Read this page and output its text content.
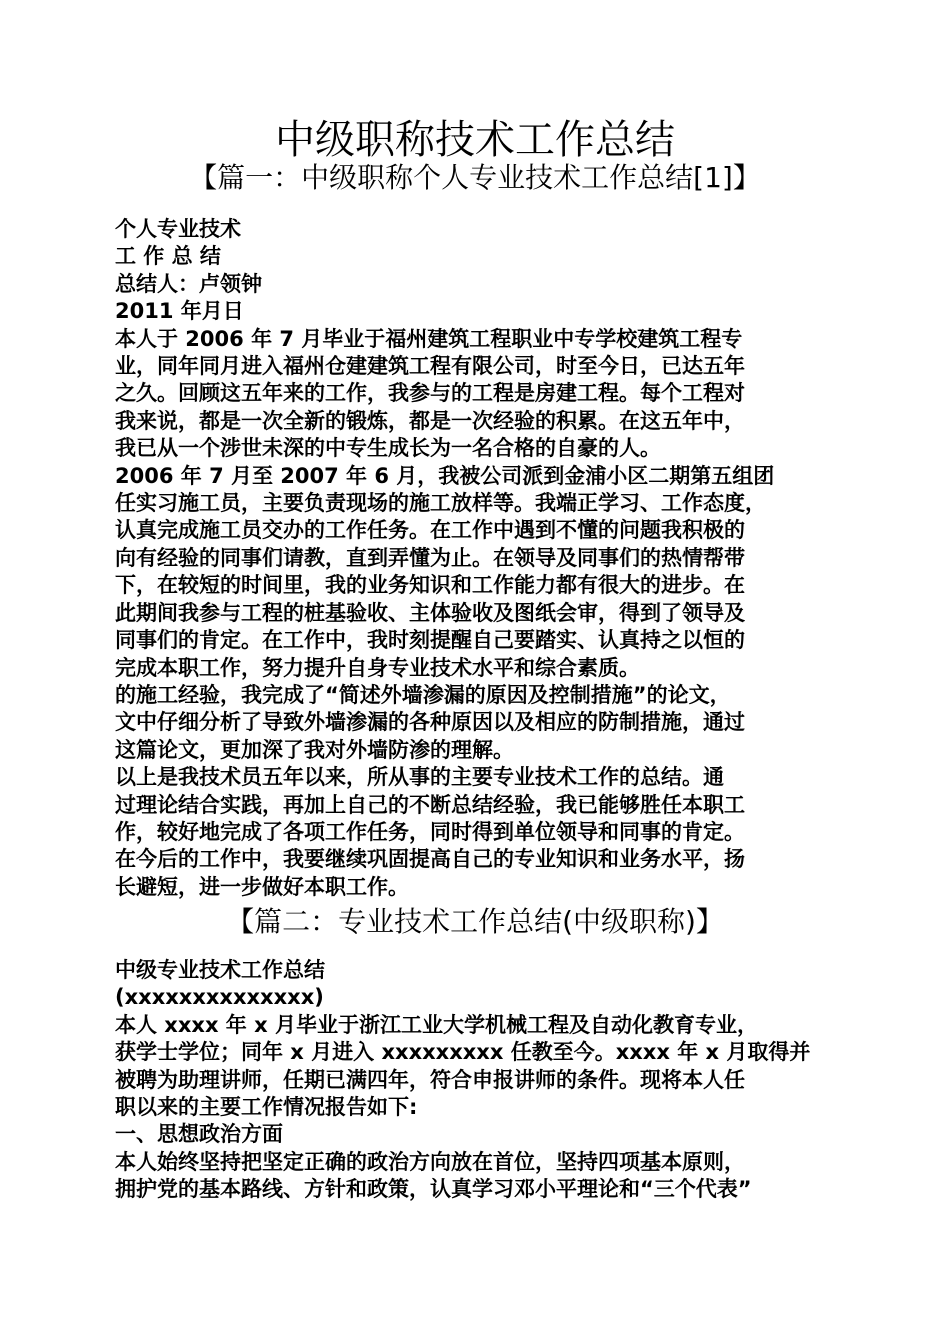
中级职称技术工作总结
【篇一：中级职称个人专业技术工作总结[1]】
个人专业技术
工 作 总 结
总结人：卢领钟
2011 年月日
本人于 2006 年 7 月毕业于福州建筑工程职业中专学校建筑工程专
业，同年同月进入福州仓建建筑工程有限公司，时至今日，已达五年
之久。回顾这五年来的工作，我参与的工程是房建工程。每个工程对
我来说，都是一次全新的锻炼，都是一次经验的积累。在这五年中，
我已从一个涉世未深的中专生成长为一名合格的自豪的人。
2006 年 7 月至 2007 年 6 月，我被公司派到金浦小区二期第五组团
任实习施工员，主要负责现场的施工放样等。我端正学习、工作态度，
认真完成施工员交办的工作任务。在工作中遇到不懂的问题我积极的
向有经验的同事们请教，直到弄懂为止。在领导及同事们的热情帮带
下，在较短的时间里，我的业务知识和工作能力都有很大的进步。在
此期间我参与工程的桩基验收、主体验收及图纸会审，得到了领导及
同事们的肯定。在工作中，我时刻提醒自己要踏实、认真持之以恒的
完成本职工作，努力提升自身专业技术水平和综合素质。
的施工经验，我完成了“简述外墙渗漏的原因及控制措施”的论文，
文中仔细分析了导致外墙渗漏的各种原因以及相应的防制措施，通过
这篇论文，更加深了我对外墙防渗的理解。
以上是我技术员五年以来，所从事的主要专业技术工作的总结。通
过理论结合实践，再加上自己的不断总结经验，我已能够胜任本职工
作，较好地完成了各项工作任务，同时得到单位领导和同事的肯定。
在今后的工作中，我要继续巩固提高自己的专业知识和业务水平，扬
长避短，进一步做好本职工作。
【篇二：专业技术工作总结(中级职称)】
中级专业技术工作总结
(xxxxxxxxxxxxxx)
本人 xxxx 年 x 月毕业于浙江工业大学机械工程及自动化教育专业，
获学士学位；同年 x 月进入 xxxxxxxxx 任教至今。xxxx 年 x 月取得并
被聘为助理讲师，任期已满四年，符合申报讲师的条件。现将本人任
职以来的主要工作情况报告如下:
一、思想政治方面
本人始终坚持把坚定正确的政治方向放在首位，坚持四项基本原则，
拥护党的基本路线、方针和政策，认真学习邓小平理论和“三个代表”
